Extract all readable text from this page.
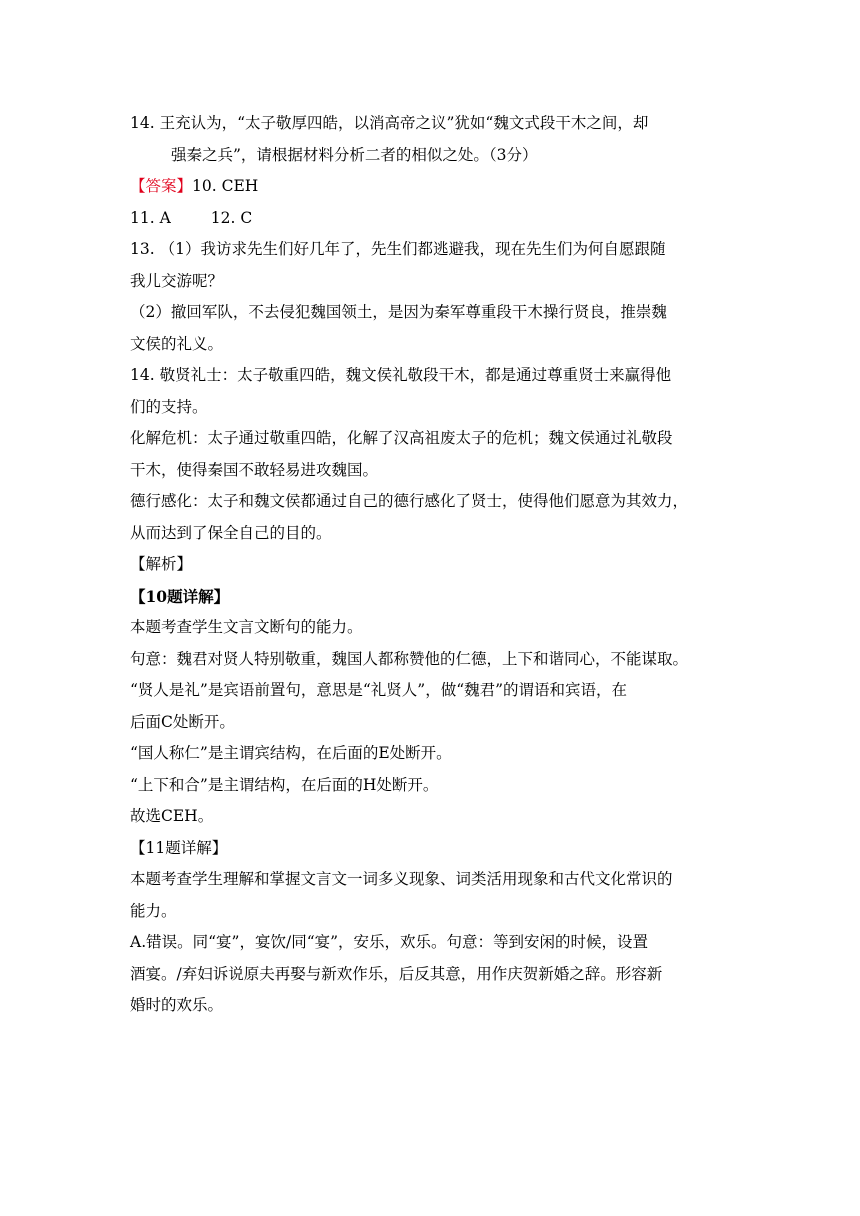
14. 王充认为，“太子敬厚四皓，以消高帝之议”犹如“魏文式段干木之间，却
强秦之兵”，请根据材料分析二者的相似之处。（3分）
【答案】10. CEH
11. A	12. C
13. （1）我访求先生们好几年了，先生们都逃避我，现在先生们为何自愿跟随
我儿交游呢？
（2）撤回军队，不去侵犯魏国领土，是因为秦军尊重段干木操行贤良，推崇魏
文侯的礼义。
14. 敬贤礼士：太子敬重四皓，魏文侯礼敬段干木，都是通过尊重贤士来赢得他
们的支持。
化解危机：太子通过敬重四皓，化解了汉高祖废太子的危机；魏文侯通过礼敬段
干木，使得秦国不敢轻易进攻魏国。
德行感化：太子和魏文侯都通过自己的德行感化了贤士，使得他们愿意为其效力，
从而达到了保全自己的目的。
【解析】
【10题详解】
本题考查学生文言文断句的能力。
句意：魏君对贤人特别敬重，魏国人都称赞他的仁德，上下和谐同心，不能谋取。
“贤人是礼”是宾语前置句，意思是“礼贤人”，做“魏君”的谓语和宾语，在
后面C处断开。
“国人称仁”是主谓宾结构，在后面的E处断开。
“上下和合”是主谓结构，在后面的H处断开。
故选CEH。
【11题详解】
本题考查学生理解和掌握文言文一词多义现象、词类活用现象和古代文化常识的
能力。
A.错误。同“宴”，宴饮/同“宴”，安乐，欢乐。句意：等到安闲的时候，设置
酒宴。/弃妇诉说原夫再娶与新欢作乐，后反其意，用作庆贺新婚之辞。形容新
婚时的欢乐。
